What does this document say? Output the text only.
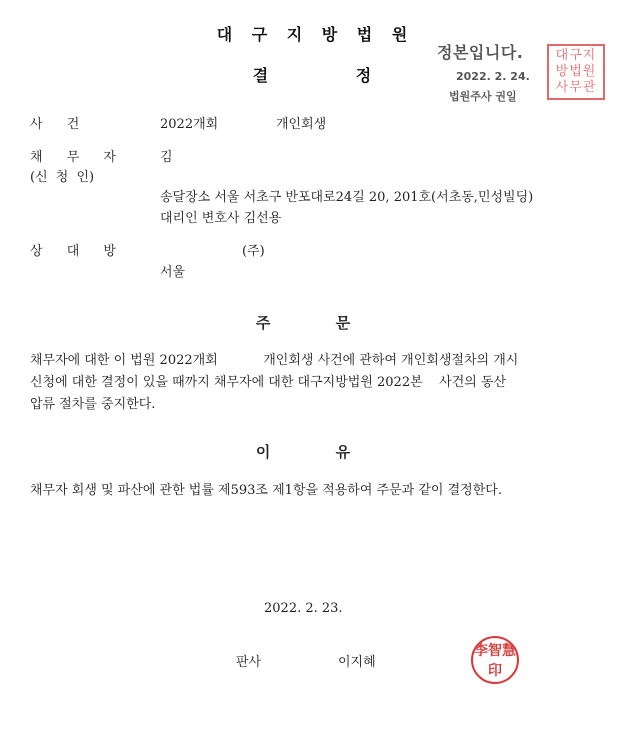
대 구 지 방 법 원
결 정
정본입니다.
2022. 2. 24.
법원주사 권일
대구지방법원사무관
사 건	2022개회	개인회생
채 무 자	김
(신 청 인)
송달장소 서울 서초구 반포대로24길 20, 201호(서초동,민성빌딩)
대리인 변호사 김선용
상 대 방	(주)
서울
주 문
채무자에 대한 이 법원 2022개회           개인회생 사건에 관하여 개인회생절차의 개시
신청에 대한 결정이 있을 때까지 채무자에 대한 대구지방법원 2022본    사건의 동산
압류 절차를 중지한다.
이 유
채무자 회생 및 파산에 관한 법률 제593조 제1항을 적용하여 주문과 같이 결정한다.
2022. 2. 23.
판사	이지혜
李智慧印
